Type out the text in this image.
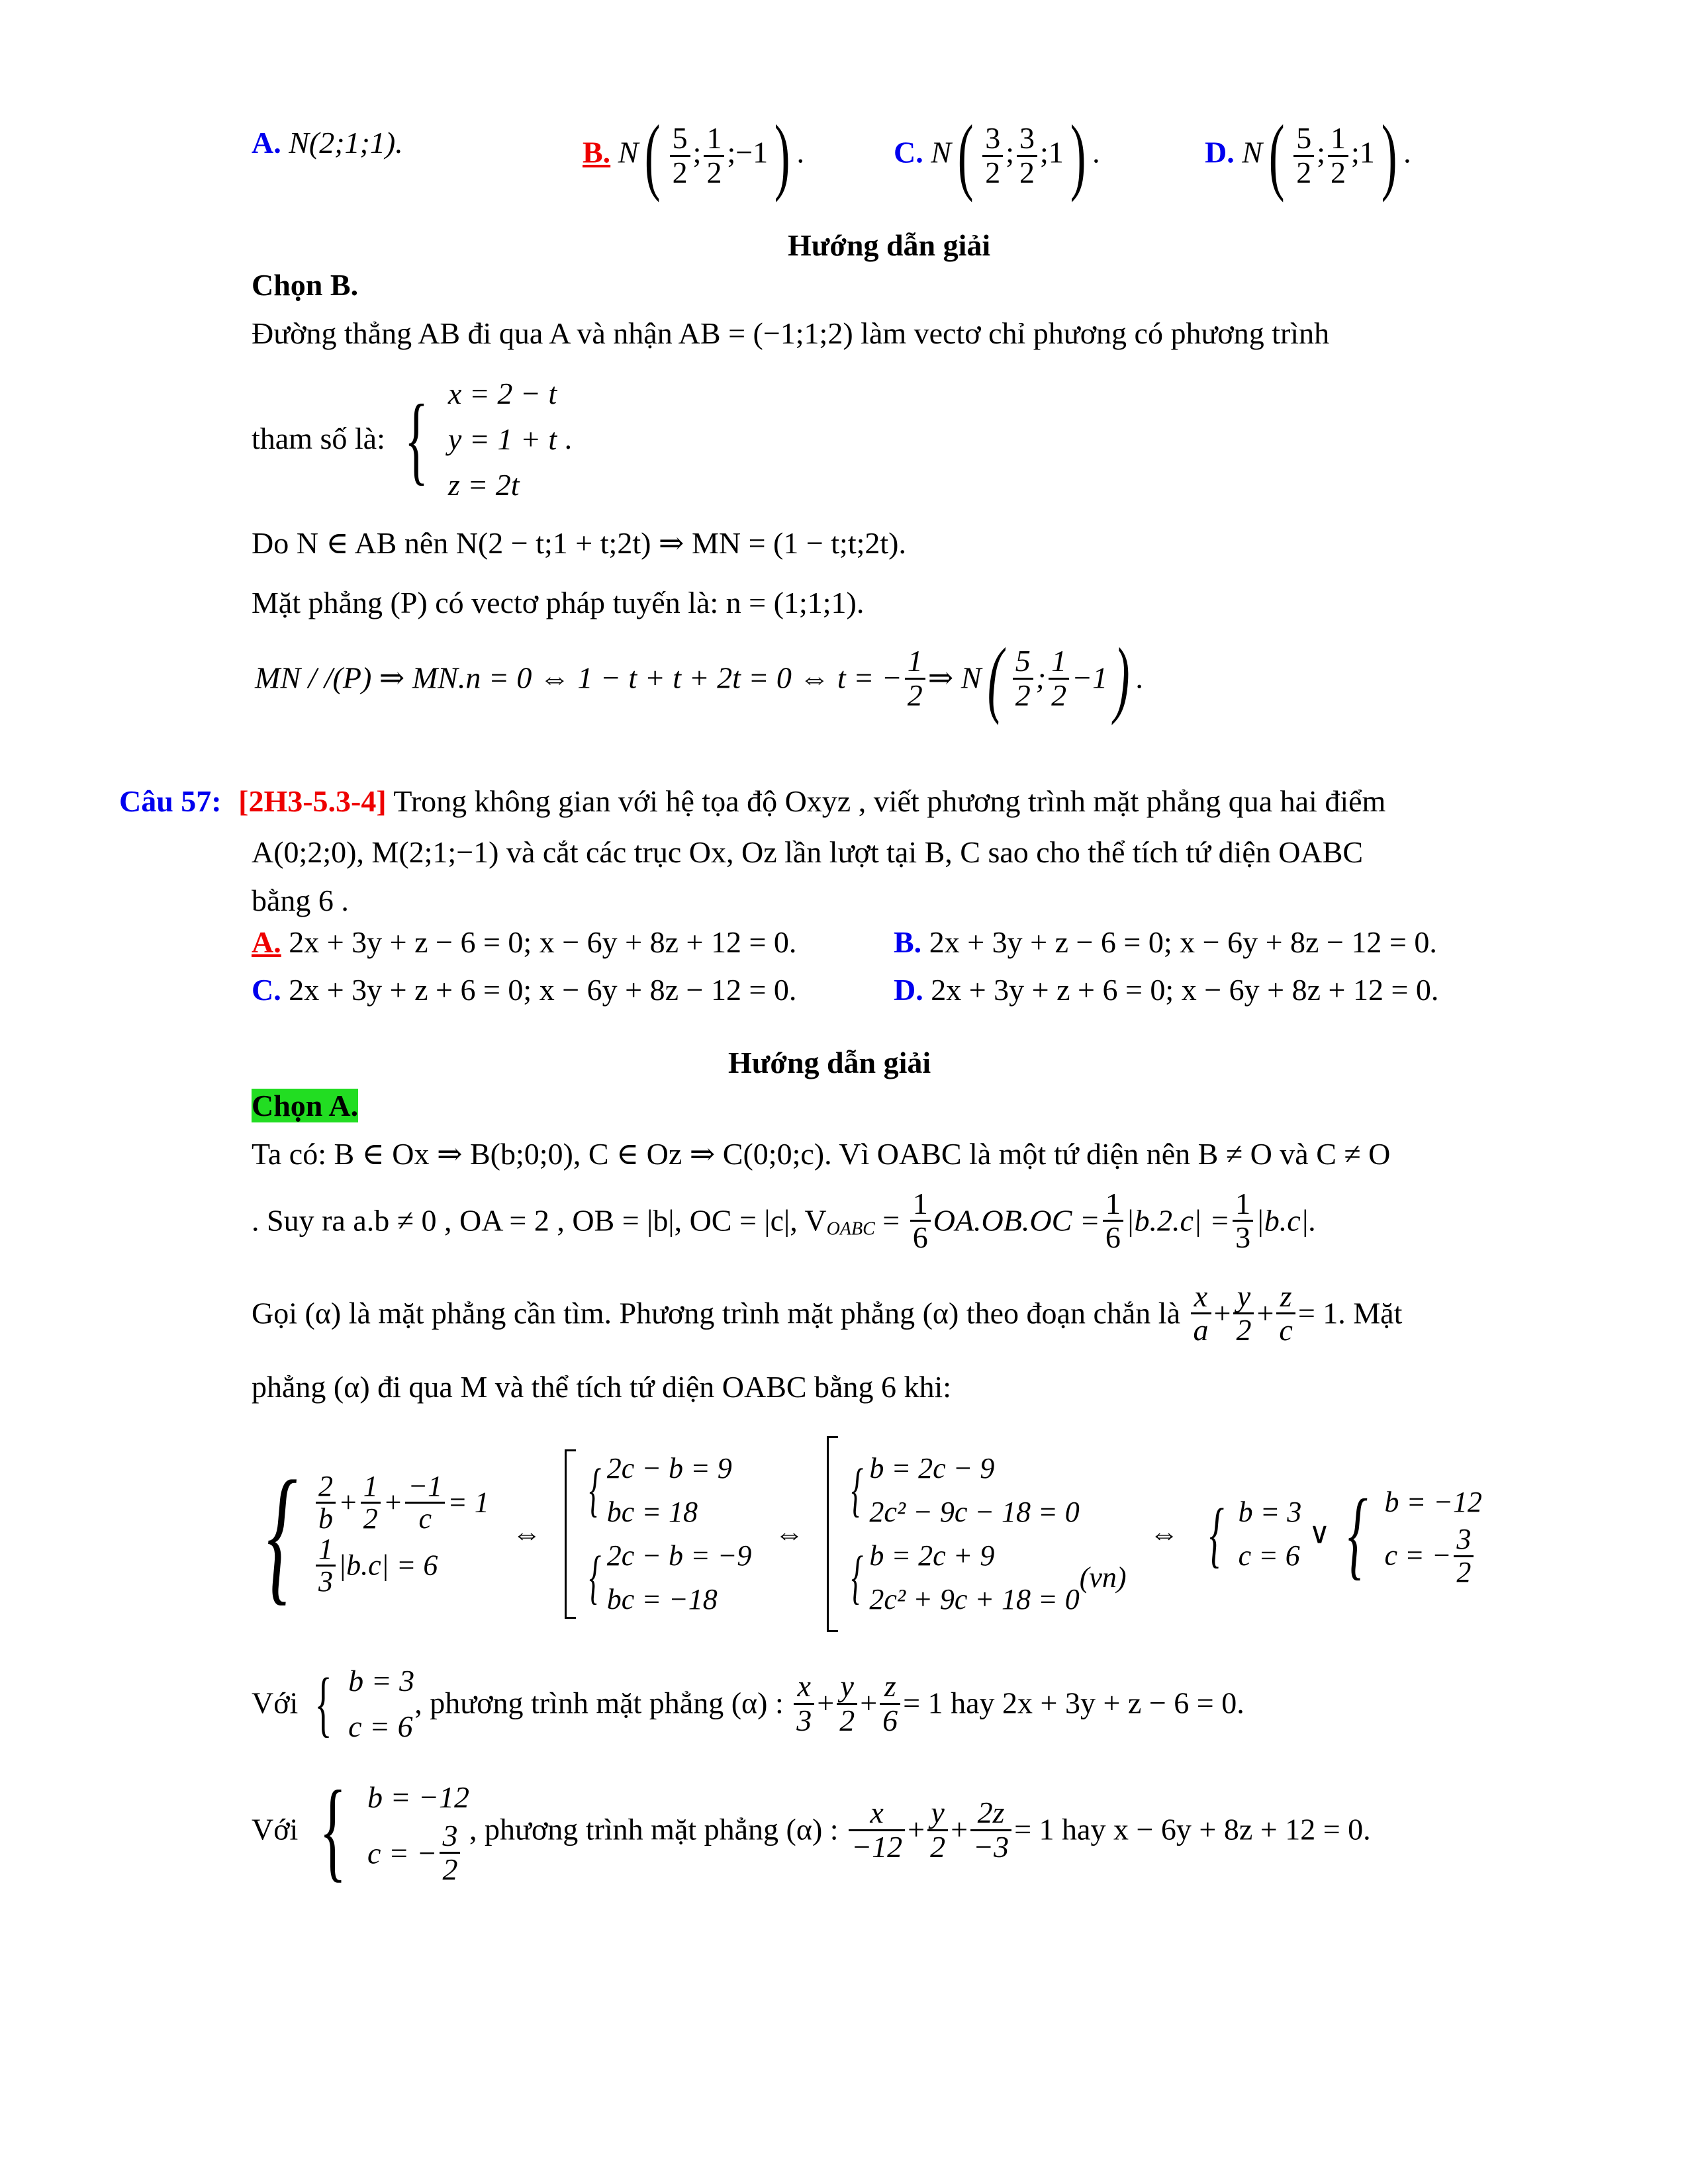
A. N(2;1;1).	B. $N( \frac{5}{2}$ ; $\frac{1}{2}$ ;−1) .	C. $N( \frac{3}{2}$ ; $\frac{3}{2}$ ;1) .	D. $N( \frac{5}{2}$ ; $\frac{1}{2}$ ;1) .
Hướng dẫn giải
Chọn B.
Đường thẳng AB đi qua A và nhận AB = (−1;1;2) làm vectơ chỉ phương có phương trình
tham số là: { x = 2 − t
y = 1 + t
z = 2t
.
Do N ∈ AB nên N(2 − t;1 + t;2t) ⇒ MN = (1 − t;t;2t).
Mặt phẳng (P) có vectơ pháp tuyến là: n = (1;1;1).
MN / /(P) ⇒ MN.n = 0 ⇔ 1 − t + t + 2t = 0 ⇔ t = − $\frac{1}{2}$ ⇒ $N( \frac{5}{2}$ ; $\frac{1}{2} -1$) .
Câu 57: [2H3-5.3-4] Trong không gian với hệ tọa độ Oxyz , viết phương trình mặt phẳng qua hai điểm
A(0;2;0), M(2;1;−1) và cắt các trục Ox, Oz lần lượt tại B, C sao cho thể tích tứ diện OABC
bằng 6 .
A. 2x + 3y + z − 6 = 0; x − 6y + 8z + 12 = 0.	B. 2x + 3y + z − 6 = 0; x − 6y + 8z − 12 = 0.
C. 2x + 3y + z + 6 = 0; x − 6y + 8z − 12 = 0.	D. 2x + 3y + z + 6 = 0; x − 6y + 8z + 12 = 0.
Hướng dẫn giải
Chọn A.
Ta có: B ∈ Ox ⇒ B(b;0;0), C ∈ Oz ⇒ C(0;0;c). Vì OABC là một tứ diện nên B ≠ O và C ≠ O
. Suy ra a.b ≠ 0 , OA = 2 , OB = |b|, OC = |c|, $V_{OABC} = \frac{1}{6} OA.OB.OC = \frac{1}{6} |b.2.c| = \frac{1}{3} |b.c|$.
Gọi (α) là mặt phẳng cần tìm. Phương trình mặt phẳng (α) theo đoạn chắn là $\frac{x}{a} + \frac{y}{2} + \frac{z}{c} = 1$. Mặt
phẳng (α) đi qua M và thể tích tứ diện OABC bằng 6 khi:
{ $\frac{2}{b} + \frac{1}{2} + \frac{-1}{c} = 1$
$\frac{1}{3} |b.c| = 6$
⇔
{ 2c − b = 9
bc = 18
{ 2c − b = −9
bc = −18
⇔
{ b = 2c − 9
2c² − 9c − 18 = 0
{ b = 2c + 9
2c² + 9c + 18 = 0
(vn)
⇔ { b = 3
c = 6
∨ { b = −12
c = − $\frac{3}{2}$
Với { b = 3
c = 6
, phương trình mặt phẳng (α) : $\frac{x}{3} + \frac{y}{2} + \frac{z}{6} = 1$ hay 2x + 3y + z − 6 = 0.
Với { b = −12
c = − $\frac{3}{2}$ , phương trình mặt phẳng (α) : $\frac{x}{-12} + \frac{y}{2} + \frac{2z}{-3} = 1$ hay x − 6y + 8z + 12 = 0.
